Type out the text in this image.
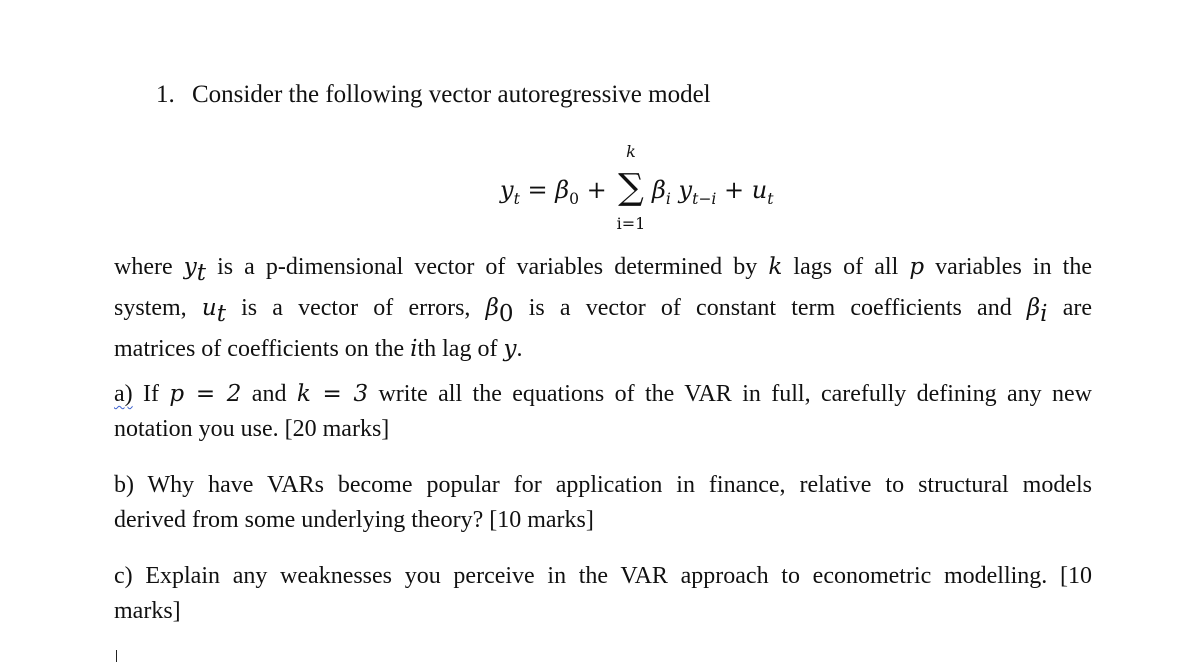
1. Consider the following vector autoregressive model
$y_t = \beta_0$ +
k
∑
i=1
$\beta_i$ $y_{t-i} + u_t$
where $y_t$ is a p-dimensional vector of variables determined by k lags of all p variables in the
system, $u_t$ is a vector of errors, $\beta_0$ is a vector of constant term coefficients and $\beta_i$ are
matrices of coefficients on the ith lag of y.
a) If p = 2 and k = 3 write all the equations of the VAR in full, carefully defining any new
notation you use. [20 marks]
b) Why have VARs become popular for application in finance, relative to structural models
derived from some underlying theory? [10 marks]
c) Explain any weaknesses you perceive in the VAR approach to econometric modelling. [10
marks]
